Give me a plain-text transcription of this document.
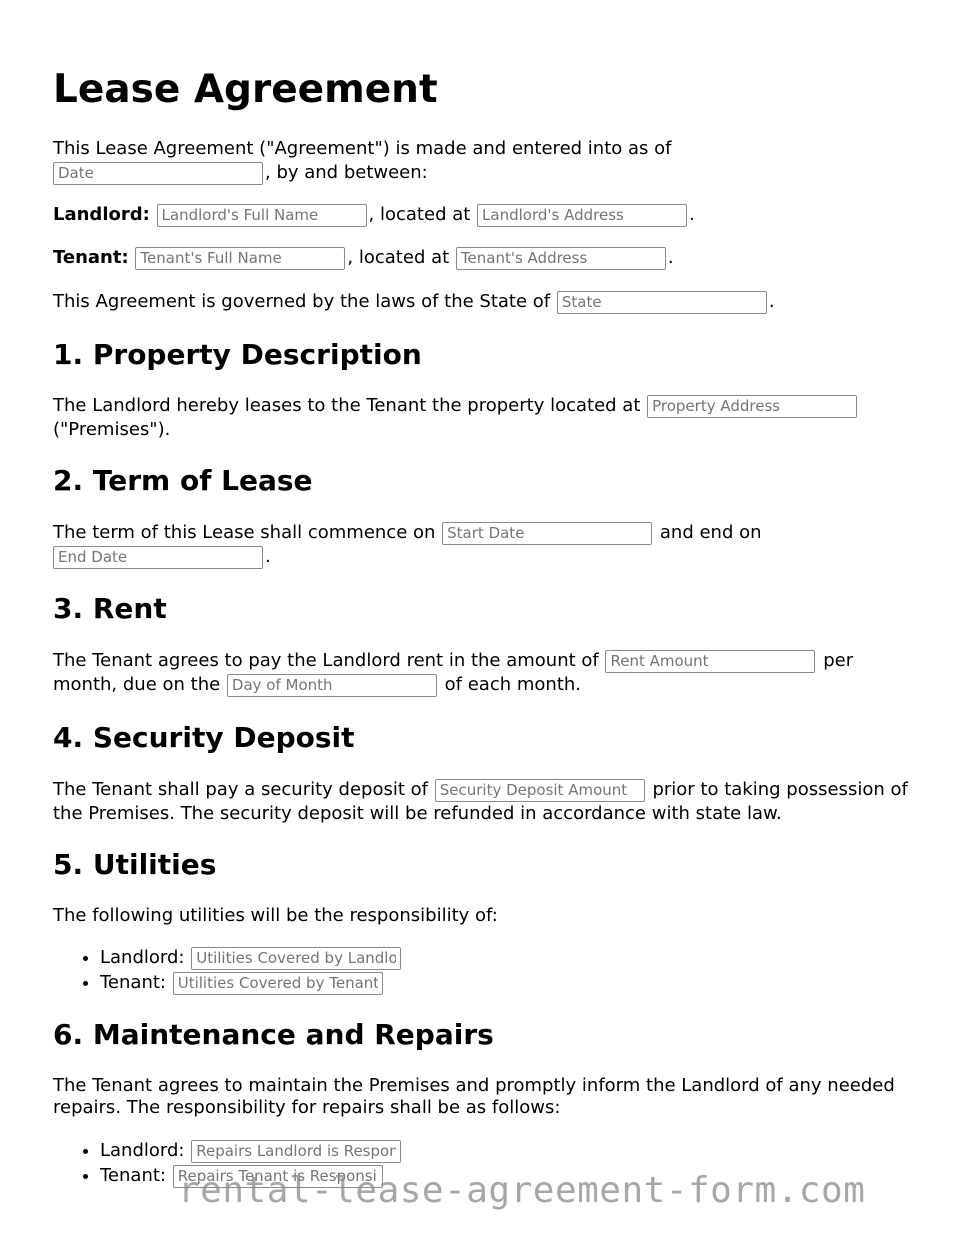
Lease Agreement

This Lease Agreement ("Agreement") is made and entered into as of
Date, by and between:

Landlord: Landlord's Full Name	, located at Landlord's Address	.

Tenant: Tenant's Full Name	, located at Tenant's Address	.

This Agreement is governed by the laws of the State of State	.

1. Property Description

The Landlord hereby leases to the Tenant the property located at Property Address
("Premises").

2. Term of Lease

The term of this Lease shall commence on Start Date	and end on
End Date.

3. Rent

The Tenant agrees to pay the Landlord rent in the amount of Rent Amount	per
month, due on the Day of Month	of each month.

4. Security Deposit

The Tenant shall pay a security deposit of Security Deposit Amount	prior to taking possession of the Premises. The security deposit will be refunded in accordance with state law.

5. Utilities

The following utilities will be the responsibility of:

• Landlord: Utilities Covered by Landlord
• Tenant: Utilities Covered by Tenant
6. Maintenance and Repairs

The Tenant agrees to maintain the Premises and promptly inform the Landlord of any needed repairs. The responsibility for repairs shall be as follows:

• Landlord: Repairs Landlord is Responsible For
• Tenant: Repairs Tenant is Responsible For rental-lease-agreement-form.com
